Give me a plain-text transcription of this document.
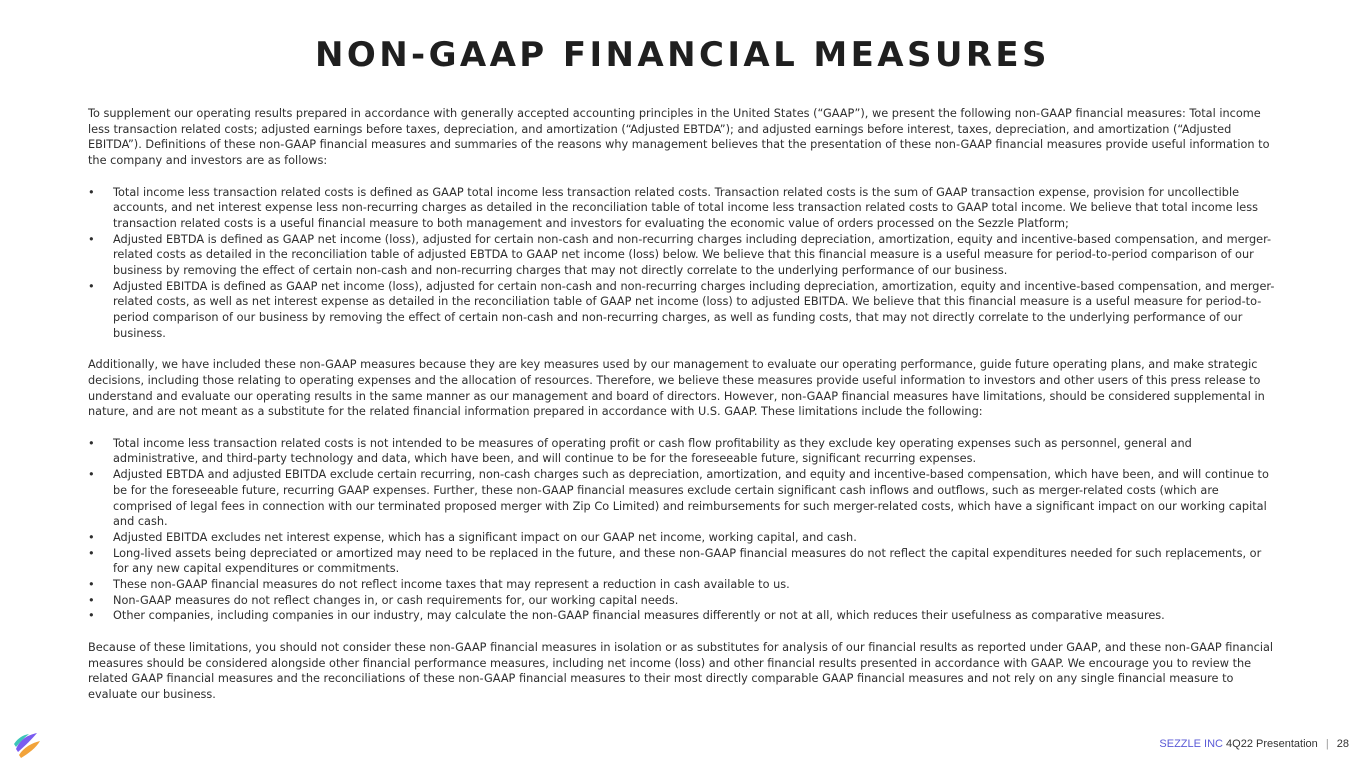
NON-GAAP FINANCIAL MEASURES

To supplement our operating results prepared in accordance with generally accepted accounting principles in the United States (“GAAP”), we present the following non-GAAP financial measures: Total income less transaction related costs; adjusted earnings before taxes, depreciation, and amortization (“Adjusted EBTDA”); and adjusted earnings before interest, taxes, depreciation, and amortization (“Adjusted EBITDA”). Definitions of these non-GAAP financial measures and summaries of the reasons why management believes that the presentation of these non-GAAP financial measures provide useful information to the company and investors are as follows:

• Total income less transaction related costs is defined as GAAP total income less transaction related costs. Transaction related costs is the sum of GAAP transaction expense, provision for uncollectible accounts, and net interest expense less non-recurring charges as detailed in the reconciliation table of total income less transaction related costs to GAAP total income. We believe that total income less transaction related costs is a useful financial measure to both management and investors for evaluating the economic value of orders processed on the Sezzle Platform;
• Adjusted EBTDA is defined as GAAP net income (loss), adjusted for certain non-cash and non-recurring charges including depreciation, amortization, equity and incentive-based compensation, and merger-related costs as detailed in the reconciliation table of adjusted EBTDA to GAAP net income (loss) below. We believe that this financial measure is a useful measure for period-to-period comparison of our business by removing the effect of certain non-cash and non-recurring charges that may not directly correlate to the underlying performance of our business.
• Adjusted EBITDA is defined as GAAP net income (loss), adjusted for certain non-cash and non-recurring charges including depreciation, amortization, equity and incentive-based compensation, and merger-related costs, as well as net interest expense as detailed in the reconciliation table of GAAP net income (loss) to adjusted EBITDA. We believe that this financial measure is a useful measure for period-to-period comparison of our business by removing the effect of certain non-cash and non-recurring charges, as well as funding costs, that may not directly correlate to the underlying performance of our business.

Additionally, we have included these non-GAAP measures because they are key measures used by our management to evaluate our operating performance, guide future operating plans, and make strategic decisions, including those relating to operating expenses and the allocation of resources. Therefore, we believe these measures provide useful information to investors and other users of this press release to understand and evaluate our operating results in the same manner as our management and board of directors. However, non-GAAP financial measures have limitations, should be considered supplemental in nature, and are not meant as a substitute for the related financial information prepared in accordance with U.S. GAAP. These limitations include the following:

• Total income less transaction related costs is not intended to be measures of operating profit or cash flow profitability as they exclude key operating expenses such as personnel, general and administrative, and third-party technology and data, which have been, and will continue to be for the foreseeable future, significant recurring expenses.
• Adjusted EBTDA and adjusted EBITDA exclude certain recurring, non-cash charges such as depreciation, amortization, and equity and incentive-based compensation, which have been, and will continue to be for the foreseeable future, recurring GAAP expenses. Further, these non-GAAP financial measures exclude certain significant cash inflows and outflows, such as merger-related costs (which are comprised of legal fees in connection with our terminated proposed merger with Zip Co Limited) and reimbursements for such merger-related costs, which have a significant impact on our working capital and cash.
• Adjusted EBITDA excludes net interest expense, which has a significant impact on our GAAP net income, working capital, and cash.
• Long-lived assets being depreciated or amortized may need to be replaced in the future, and these non-GAAP financial measures do not reflect the capital expenditures needed for such replacements, or for any new capital expenditures or commitments.
• These non-GAAP financial measures do not reflect income taxes that may represent a reduction in cash available to us.
• Non-GAAP measures do not reflect changes in, or cash requirements for, our working capital needs.
• Other companies, including companies in our industry, may calculate the non-GAAP financial measures differently or not at all, which reduces their usefulness as comparative measures.

Because of these limitations, you should not consider these non-GAAP financial measures in isolation or as substitutes for analysis of our financial results as reported under GAAP, and these non-GAAP financial measures should be considered alongside other financial performance measures, including net income (loss) and other financial results presented in accordance with GAAP. We encourage you to review the related GAAP financial measures and the reconciliations of these non-GAAP financial measures to their most directly comparable GAAP financial measures and not rely on any single financial measure to evaluate our business.

SEZZLE INC 4Q22 Presentation | 28
